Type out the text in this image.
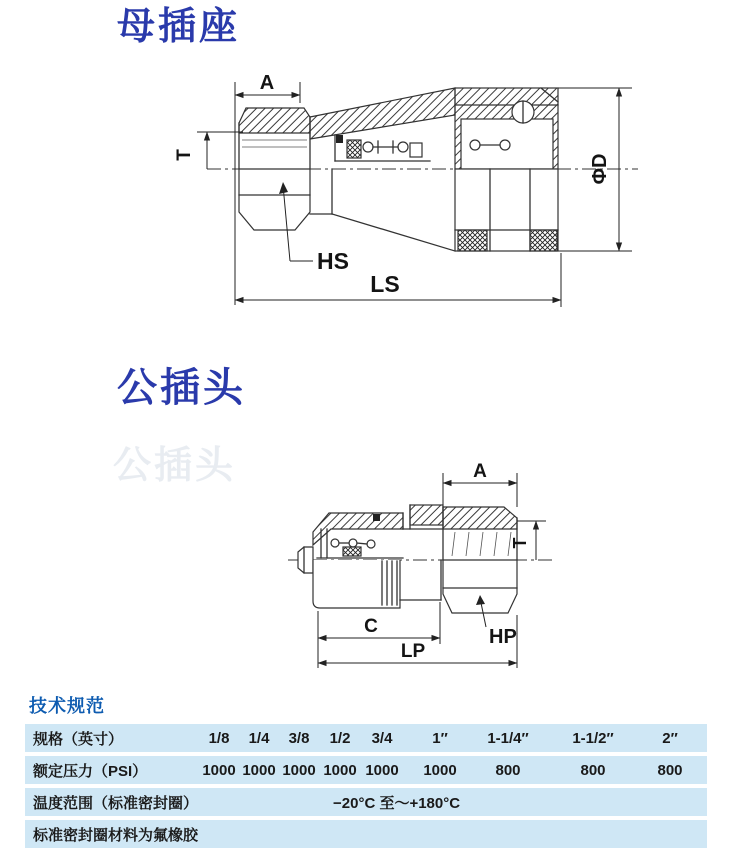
母插座
A
T	ΦD
HS
LS
公插头
公插头	A
T
C
LP
HP
技术规范
规格（英寸）	1/8	1/4	3/8	1/2	3/4	1″	1-1/4″	1-1/2″	2″
额定压力（PSI）	1000 1000 1000 1000 1000	1000	800	800	800
温度范围（标准密封圈）	−20°C 至～+180°C
标准密封圈材料为氟橡胶
